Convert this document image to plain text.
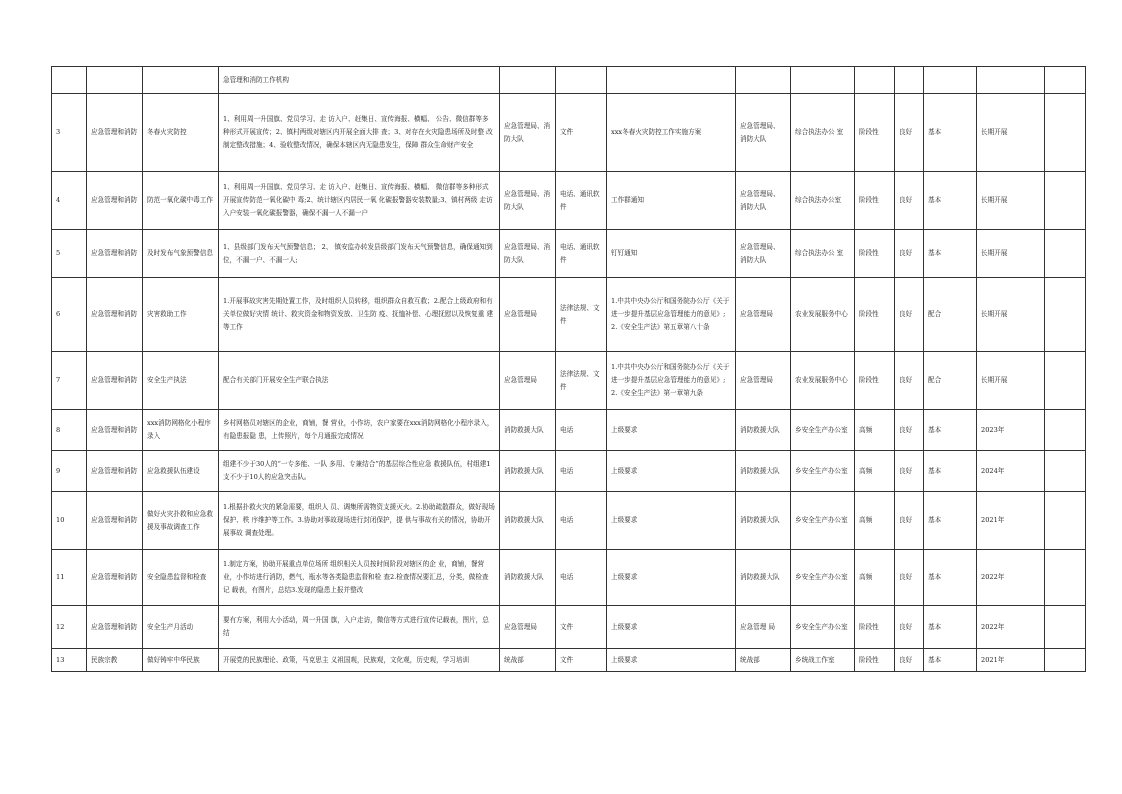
			急管理和消防工作机构										
3	应急管理和消防	冬春火灾防控	1、利用周一升国旗、党员学习、走 访入户、赶集日、宣传海报、横幅、 公告、微信群等多种形式开展宣传；2、镇村两级对辖区内开展全面大排 查；3、对存在火灾隐患场所及时整 改制定整改措施；4、验收整改情况，确保本辖区内无隐患发生，保障 群众生命财产安全	应急管理局、消防大队	文件	xxx冬春火灾防控工作实施方案	应急管理局、消防大队	综合执法办公 室	阶段性	良好	基本	长期开展	
4	应急管理和消防	防范一氧化碳中毒工作	1、利用周一升国旗、党员学习、走 访入户、赶集日、宣传海报、横幅、 微信群等多种形式开展宣传防范一氧化碳中 毒;2、统计辖区内居民一氧 化碳报警器安装数量;3、镇村两级 走访入户安装一氧化碳报警器，确保不漏一人不漏一户	应急管理局、消防大队	电话、通讯软件	工作群通知	应急管理局、消防大队	综合执法办公室	阶段性	良好	基本	长期开展	
5	应急管理和消防	及时发布气象预警信息	1、县级部门发布天气预警信息； 2、 镇安监办转发县级部门发布天气预警信息，确保通知到位，不漏一户、不漏一人;	应急管理局、消防大队	电话、通讯软件	钉钉通知	应急管理局、消防大队	综合执法办公 室	阶段性	良好	基本	长期开展	
6	应急管理和消防	灾害救助工作	1.开展事故灾害先期处置工作，及时组织人员转移，组织群众自救互救；2.配合上级政府和有关单位做好灾情 统计、救灾资金和物资发放、卫生防 疫、抚恤补偿、心理抚慰以及恢复重 建等工作	应急管理局	法律法规、文件	1.中共中央办公厅和国务院办公厅《关于进一步提升基层应急管理能力的意见》;2.《安全生产法》第五章第八十条	应急管理局	农业发展服务中心	阶段性	良好	配合	长期开展	
7	应急管理和消防	安全生产执法	配合有关部门开展安全生产联合执法	应急管理局	法律法规、文件	1.中共中央办公厅和国务院办公厅《关于进一步提升基层应急管理能力的意见》;2.《安全生产法》第一章第九条	应急管理局	农业发展服务中心	阶段性	良好	配合	长期开展	
8	应急管理和消防	xxx消防网格化小程序录入	乡村网格员对辖区的企业，商铺，餐 营业，小作坊，农户家要在xxx消防网格化小程序录入， 有隐患报隐 患，上传照片，每个月通报完成情况	消防救援大队	电话	上级要求	消防救援大队	乡安全生产办公室	高频	良好	基本	2023年	
9	应急管理和消防	应急救援队伍建设	组建不少于30人的“一专多能、一队 多用、专兼结合”的基层综合性应急 救援队伍，村组建1支不少于10人的应急突击队。	消防救援大队	电话	上级要求	消防救援大队	乡安全生产办公室	高频	良好	基本	2024年	
10	应急管理和消防	做好火灾扑救和应急救援及事故调查工作	1.根据扑救火灾的紧急需要，组织人 员、调集所需物资支援灭火。2.协助疏散群众，做好现场保护、秩 序维护等工作。3.协助对事故现场进行封闭保护，提 供与事故有关的情况，协助开展事故 调查处理。	消防救援大队	电话	上级要求	消防救援大队	乡安全生产办公室	高频	良好	基本	2021年	
11	应急管理和消防	安全隐患监督和检查	1.制定方案，协助开展重点单位场所 组织相关人员按时间阶段对辖区的企 业，商铺，餐营业，小作坊进行消防，燃气，瓶水等各类隐患监督和检 查2.检查情况要汇总，分类，做检查记 载表，有图片，总结3.发现的隐患上报并整改	消防救援大队	电话	上级要求	消防救援大队	乡安全生产办公室	高频	良好	基本	2022年	
12	应急管理和消防	安全生产月活动	要有方案，利用大小活动，周一升国 旗，入户走访，微信等方式进行宣传记载表，图片，总结	应急管理局	文件	上级要求	应急管理 局	乡安全生产办公室	阶段性	良好	基本	2022年	
13	民族宗教	做好铸牢中华民族	开展党的民族理论、政策，马克思主 义祖国观，民族观，文化观，历史观，学习培训	统战部	文件	上级要求	统战部	乡统战工作室	阶段性	良好	基本	2021年	
